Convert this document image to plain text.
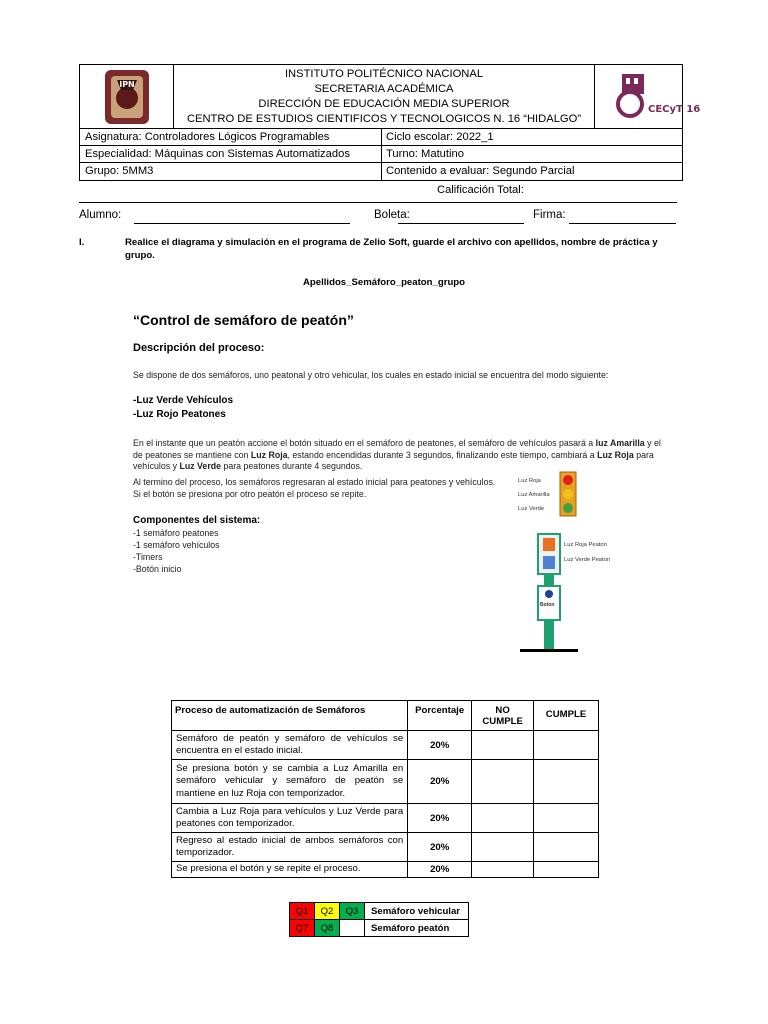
IPN
INSTITUTO POLITÉCNICO NACIONAL
SECRETARIA ACADÉMICA
DIRECCIÓN DE EDUCACIÓN MEDIA SUPERIOR
CENTRO DE ESTUDIOS CIENTIFICOS Y TECNOLOGICOS N. 16 “HIDALGO”
CECyT 16
Asignatura: Controladores Lógicos Programables	Ciclo escolar: 2022_1
Especialidad: Máquinas con Sistemas Automatizados	Turno: Matutino
Grupo: 5MM3	Contenido a evaluar: Segundo Parcial
Calificación Total:
Alumno:	Boleta:	Firma:
I.	Realice el diagrama y simulación en el programa de Zelio Soft, guarde el archivo con apellidos, nombre de práctica y grupo.
Apellidos_Semáforo_peaton_grupo
“Control de semáforo de peatón”
Descripción del proceso:
Se dispone de dos semáforos, uno peatonal y otro vehicular, los cuales en estado inicial se encuentra del modo siguiente:
-Luz Verde Vehículos
-Luz Rojo Peatones
En el instante que un peatón accione el botón situado en el semáforo de peatones, el semáforo de vehículos pasará a luz Amarilla y el de peatones se mantiene con Luz Roja, estando encendidas durante 3 segundos, finalizando este tiempo, cambiará a Luz Roja para vehículos y Luz Verde para peatones durante 4 segundos.
Al termino del proceso, los semáforos regresaran al estado inicial para peatones y vehículos.
Si el botón se presiona por otro peatón el proceso se repite.
Componentes del sistema:
-1 semáforo peatones
-1 semáforo vehículos
-Timers
-Botón inicio
Luz Roja
Luz Amarilla
Luz Verde
Luz Roja Peaton
Luz Verde Peaton
Boton
Proceso de automatización de Semáforos	Porcentaje	NO CUMPLE	CUMPLE
Semáforo de peatón y semáforo de vehículos se encuentra en el estado inicial.	20%		
Se presiona botón y se cambia a Luz Amarilla en semáforo vehicular y semáforo de peatón se mantiene en luz Roja con temporizador.	20%		
Cambia a Luz Roja para vehículos y Luz Verde para peatones con temporizador.	20%		
Regreso al estado inicial de ambos semáforos con temporizador.	20%		
Se presiona el botón y se repite el proceso.	20%		
Q1	Q2	Q3	Semáforo vehicular
Q7	Q8		Semáforo peatón
